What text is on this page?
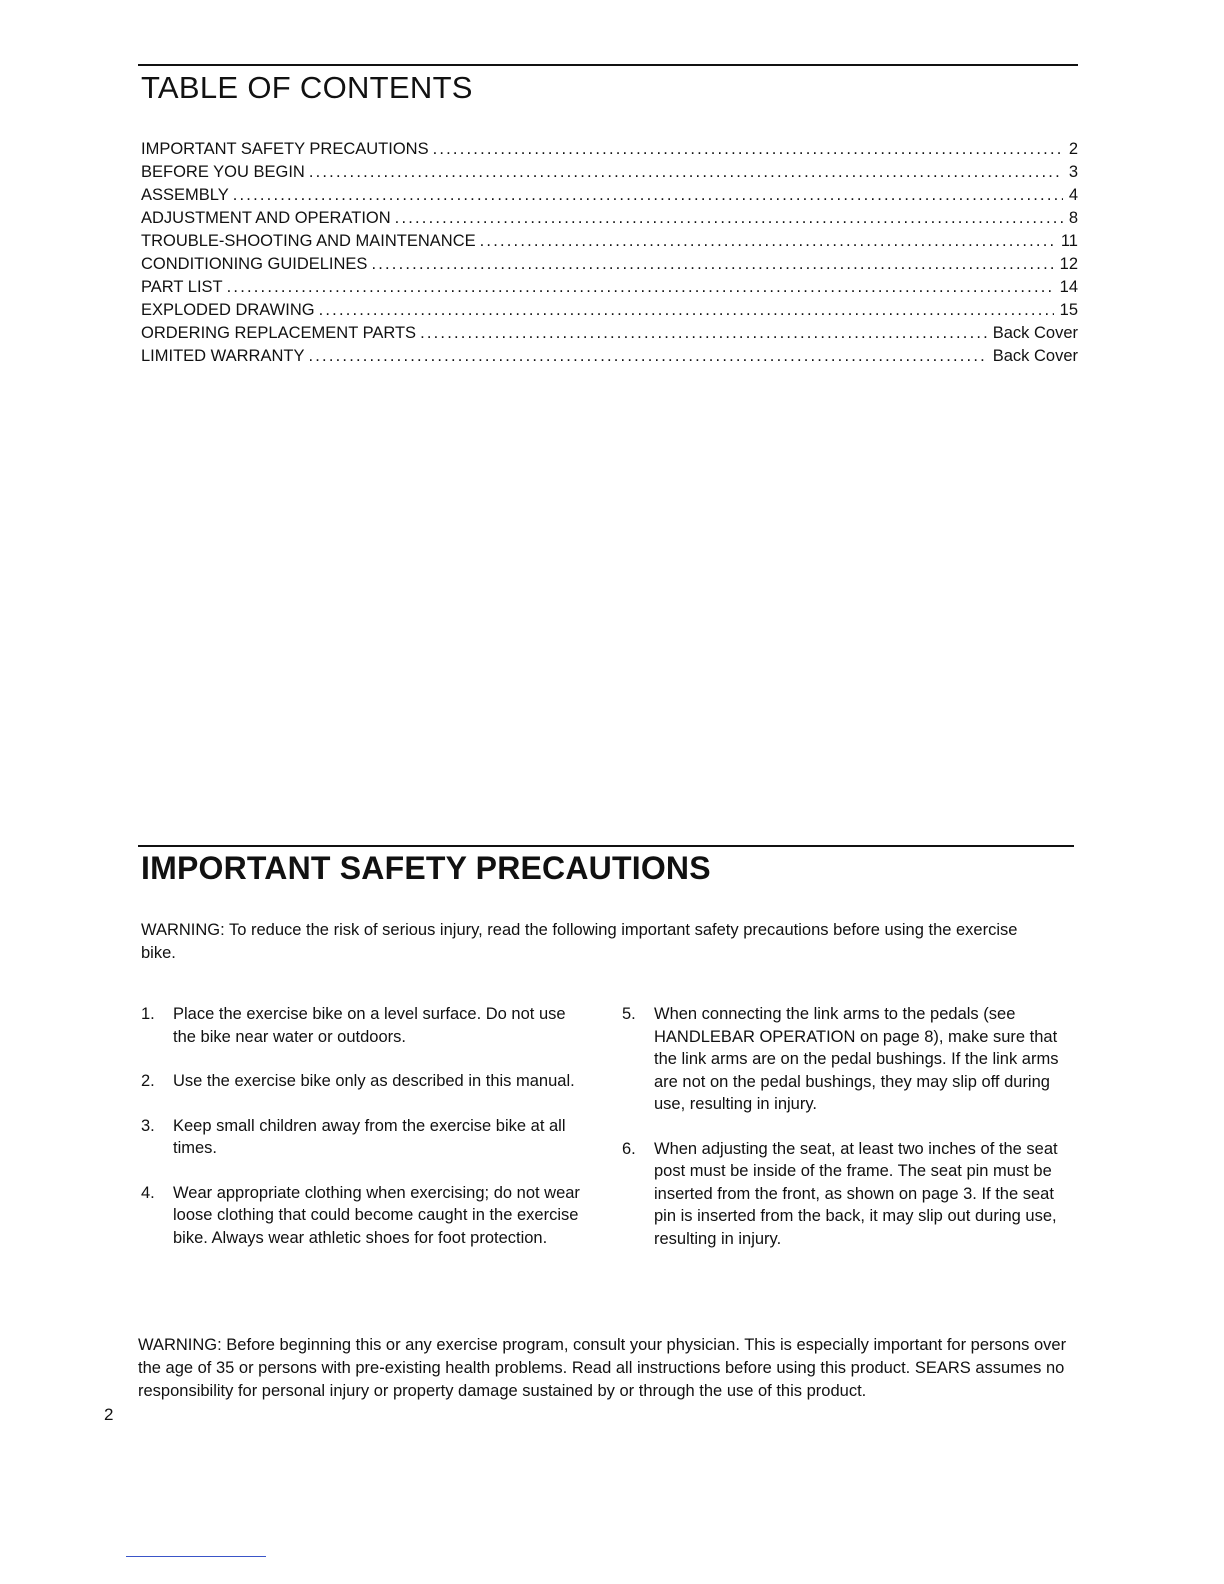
TABLE OF CONTENTS
IMPORTANT SAFETY PRECAUTIONS .....	2
BEFORE YOU BEGIN .....	3
ASSEMBLY .....	4
ADJUSTMENT AND OPERATION .....	8
TROUBLE-SHOOTING AND MAINTENANCE .....	11
CONDITIONING GUIDELINES .....	12
PART LIST .....	14
EXPLODED DRAWING .....	15
ORDERING REPLACEMENT PARTS .....	Back Cover
LIMITED WARRANTY .....	Back Cover
IMPORTANT SAFETY PRECAUTIONS

WARNING: To reduce the risk of serious injury, read the following important safety precautions before using the exercise bike.

1.	Place the exercise bike on a level surface. Do not use the bike near water or outdoors.
2.	Use the exercise bike only as described in this manual.
3.	Keep small children away from the exercise bike at all times.
4.	Wear appropriate clothing when exercising; do not wear loose clothing that could become caught in the exercise bike. Always wear athletic shoes for foot protection.
5.	When connecting the link arms to the pedals (see HANDLEBAR OPERATION on page 8), make sure that the link arms are on the pedal bushings. If the link arms are not on the pedal bushings, they may slip off during use, resulting in injury.
6.	When adjusting the seat, at least two inches of the seat post must be inside of the frame. The seat pin must be inserted from the front, as shown on page 3. If the seat pin is inserted from the back, it may slip out during use, resulting in injury.

WARNING: Before beginning this or any exercise program, consult your physician. This is especially important for persons over the age of 35 or persons with pre-existing health problems. Read all instructions before using this product. SEARS assumes no responsibility for personal injury or property damage sustained by or through the use of this product.

2
